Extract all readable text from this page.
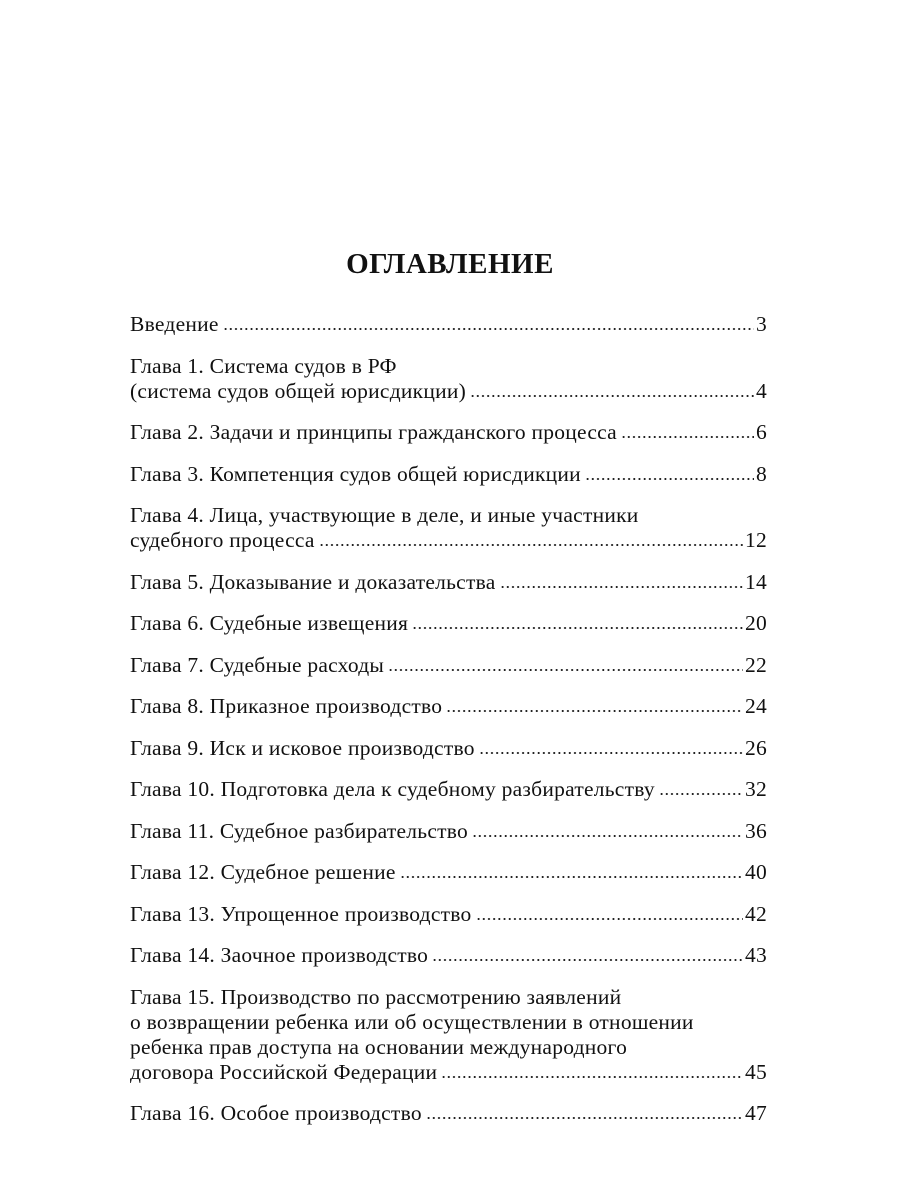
ОГЛАВЛЕНИЕ
Введение	3
Глава 1. Система судов в РФ
(система судов общей юрисдикции)	4
Глава 2. Задачи и принципы гражданского процесса	6
Глава 3. Компетенция судов общей юрисдикции	8
Глава 4. Лица, участвующие в деле, и иные участники
судебного процесса	12
Глава 5. Доказывание и доказательства	14
Глава 6. Судебные извещения	20
Глава 7. Судебные расходы	22
Глава 8. Приказное производство	24
Глава 9. Иск и исковое производство	26
Глава 10. Подготовка дела к судебному разбирательству	32
Глава 11. Судебное разбирательство	36
Глава 12. Судебное решение	40
Глава 13. Упрощенное производство	42
Глава 14. Заочное производство	43
Глава 15. Производство по рассмотрению заявлений
о возвращении ребенка или об осуществлении в отношении
ребенка прав доступа на основании международного
договора Российской Федерации	45
Глава 16. Особое производство	47
